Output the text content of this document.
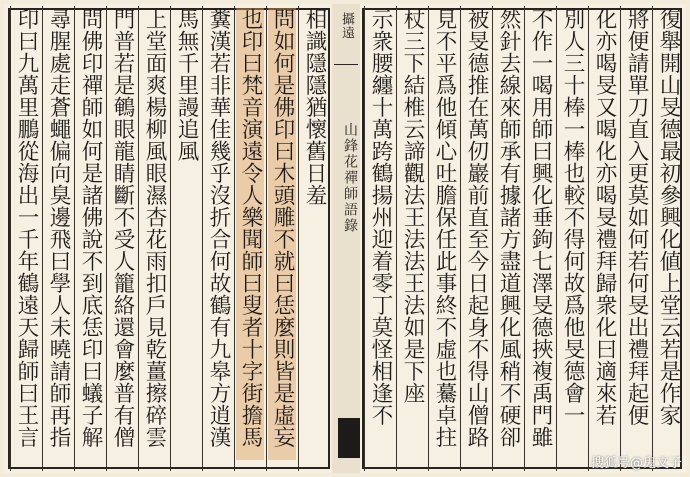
攝遠
山鋒花禪師語錄
相識隱隱猶懷舊日羞
問如何是佛印曰木頭雕不就曰恁麼則皆是虛妄
也印曰梵音演遠令人樂聞師曰叟者十字街擔馬
糞漢若非華佳幾乎沒折合何故鶴有九皋方逍漢
馬無千里謾追風
上堂面爽楊柳風眼濕杏花雨扣戶見乾薑擦碎雲
門普若是鵪眼龍睛斷不受人籠絡還會麼普有僧
問佛印禪師如何是諸佛說不到底恁印曰蟻子解
尋腥處走蒼蠅偏向臭邊飛曰學人未曉請師再指
印曰九萬里鵬從海出一千年鶴遠天歸師曰王言	復舉開山旻德最初參興化値上堂云若是作家
將便請單刀直入更莫如何若何旻出禮拜起便
化亦喝旻又喝化亦喝旻禮拜歸衆化曰適來若
別人三十棒一棒也較不得何故爲他旻德會一
不作一喝用師曰興化垂鉤七澤旻德挾複禹門雖
然針去線來師承有據諸方盡道興化風稍不硬卻
被旻德推在萬仞巖前直至今日起身不得山僧路
見不平爲他傾心吐膽保任此事終不虛也驀卓拄
杖三下結椎云諦觀法王法法王法如是下座
示衆腰纏十萬跨鶴揚州迎着零丁莫怪相逢不
搜狐号@鬼文子
